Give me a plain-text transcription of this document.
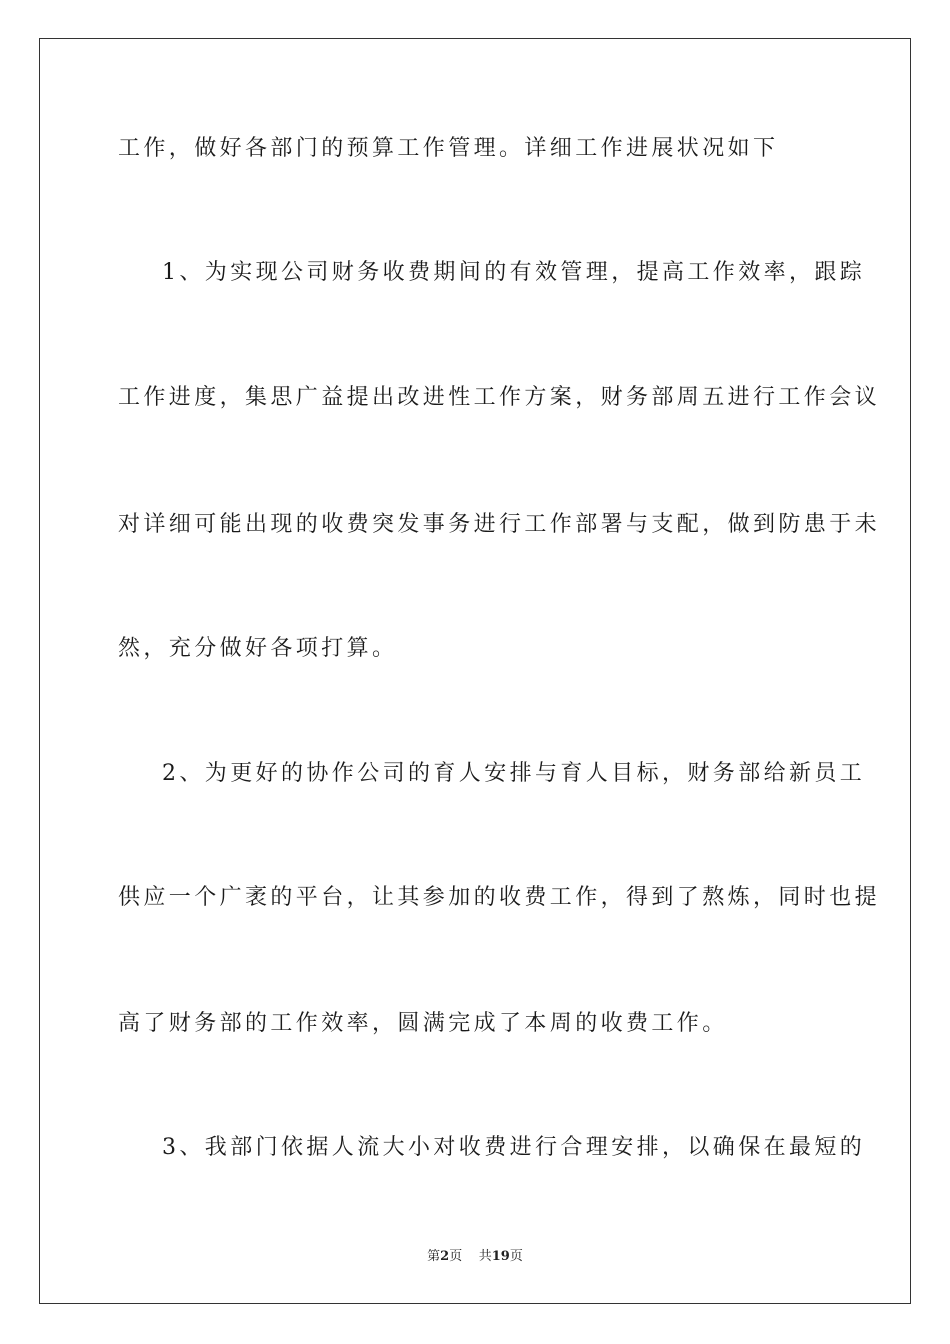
工作，做好各部门的预算工作管理。详细工作进展状况如下
1、为实现公司财务收费期间的有效管理，提高工作效率，跟踪
工作进度，集思广益提出改进性工作方案，财务部周五进行工作会议
对详细可能出现的收费突发事务进行工作部署与支配，做到防患于未
然，充分做好各项打算。
2、为更好的协作公司的育人安排与育人目标，财务部给新员工
供应一个广袤的平台，让其参加的收费工作，得到了熬炼，同时也提
高了财务部的工作效率，圆满完成了本周的收费工作。
3、我部门依据人流大小对收费进行合理安排，以确保在最短的
第2页 共19页
